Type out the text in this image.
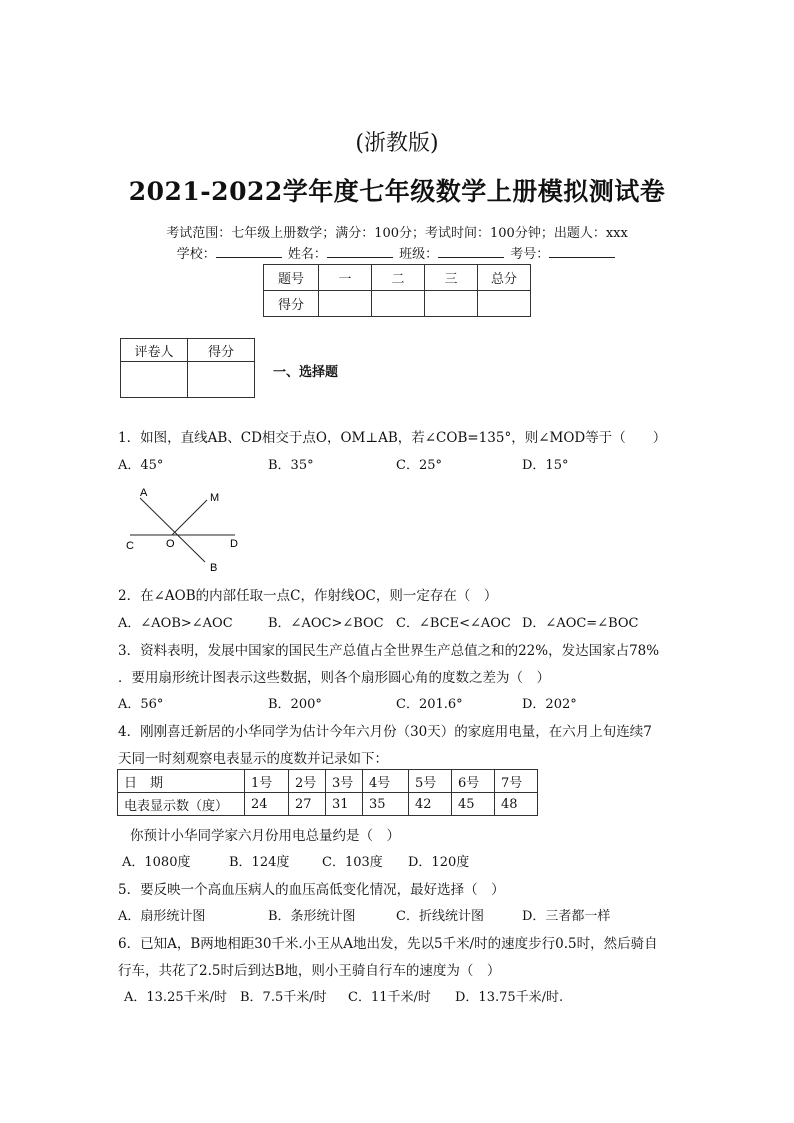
(浙教版)
2021-2022学年度七年级数学上册模拟测试卷
考试范围：七年级上册数学；满分：100分；考试时间：100分钟；出题人：xxx
学校：	姓名：	班级：	考号：
题号	一	二	三	总分
得分				
评卷人	得分

一、选择题
1．如图，直线AB、CD相交于点O，OM⊥AB，若∠COB=135°，则∠MOD等于（　　）
A．45°	B．35°	C．25°	D．15°
A	M
C	O	D
B
2．在∠AOB的内部任取一点C，作射线OC，则一定存在（　）
A．∠AOB>∠AOC	B．∠AOC>∠BOC C．∠BCE<∠AOC D．∠AOC=∠BOC
3．资料表明，发展中国家的国民生产总值占全世界生产总值之和的22%，发达国家占78%
．要用扇形统计图表示这些数据，则各个扇形圆心角的度数之差为（　）
A．56°	B．200°	C．201.6°	D．202°
4．刚刚喜迁新居的小华同学为估计今年六月份（30天）的家庭用电量，在六月上旬连续7
天同一时刻观察电表显示的度数并记录如下：
日　期	1号	2号	3号	4号	5号	6号	7号
电表显示数（度）	24	27	31	35	42	45	48
你预计小华同学家六月份用电总量约是（　）
A．1080度	B．124度	C．103度 D．120度
5．要反映一个高血压病人的血压高低变化情况，最好选择（　）
A．扇形统计图	B．条形统计图	C．折线统计图	D．三者都一样
6．已知A，B两地相距30千米.小王从A地出发，先以5千米/时的速度步行0.5时，然后骑自
行车，共花了2.5时后到达B地，则小王骑自行车的速度为（　）
A．13.25千米/时 B．7.5千米/时 C．11千米/时 D．13.75千米/时.
